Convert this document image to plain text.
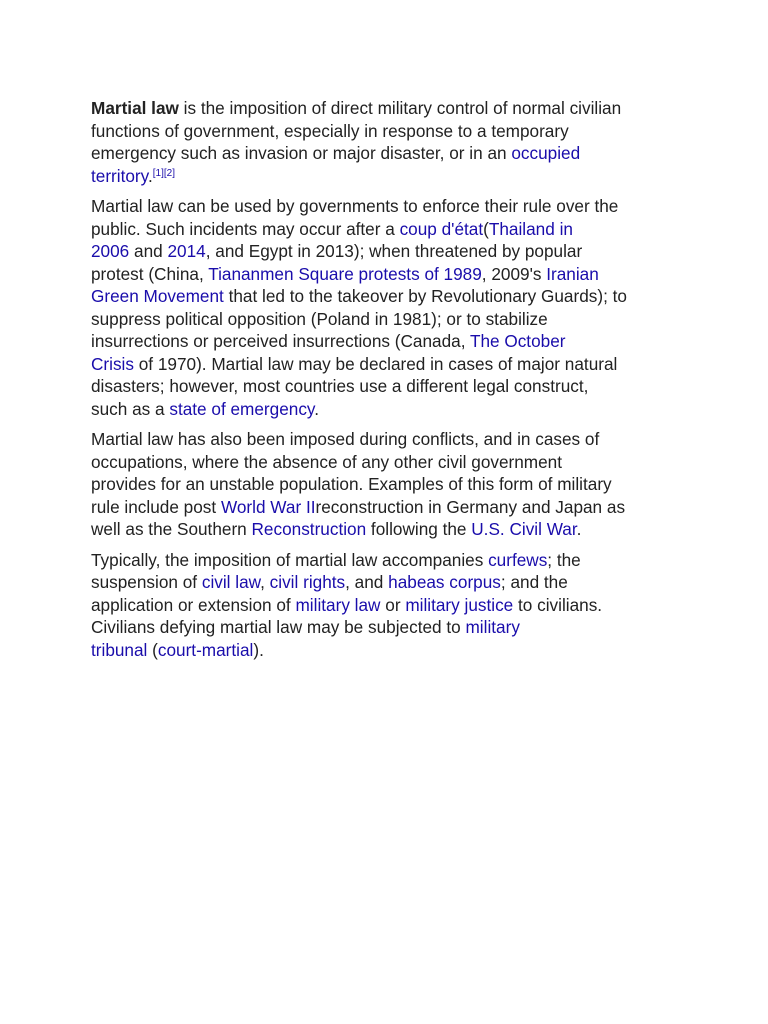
Martial law is the imposition of direct military control of normal civilian
functions of government, especially in response to a temporary
emergency such as invasion or major disaster, or in an occupied
territory.[1][2]

Martial law can be used by governments to enforce their rule over the
public. Such incidents may occur after a coup d'état(Thailand in
2006 and 2014, and Egypt in 2013); when threatened by popular
protest (China, Tiananmen Square protests of 1989, 2009's Iranian
Green Movement that led to the takeover by Revolutionary Guards); to
suppress political opposition (Poland in 1981); or to stabilize
insurrections or perceived insurrections (Canada, The October
Crisis of 1970). Martial law may be declared in cases of major natural
disasters; however, most countries use a different legal construct,
such as a state of emergency.

Martial law has also been imposed during conflicts, and in cases of
occupations, where the absence of any other civil government
provides for an unstable population. Examples of this form of military
rule include post World War IIreconstruction in Germany and Japan as
well as the Southern Reconstruction following the U.S. Civil War.

Typically, the imposition of martial law accompanies curfews; the
suspension of civil law, civil rights, and habeas corpus; and the
application or extension of military law or military justice to civilians.
Civilians defying martial law may be subjected to military
tribunal (court-martial).
